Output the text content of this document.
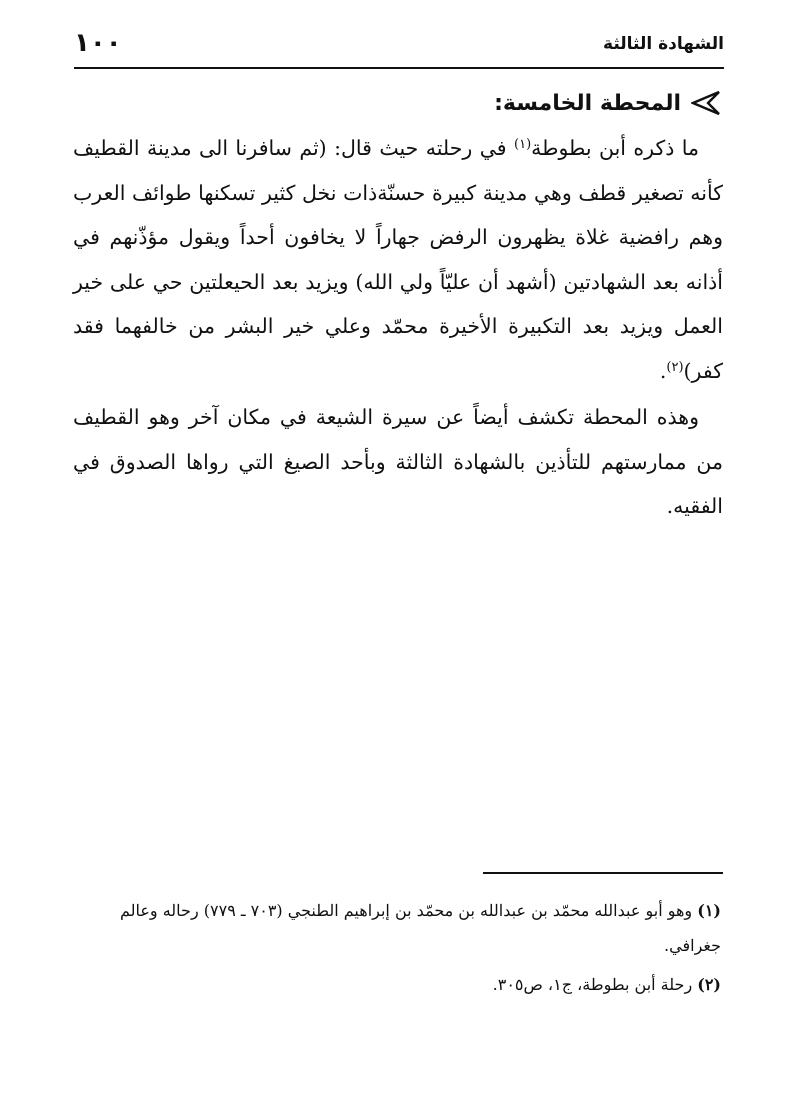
الشهادة الثالثة
١٠٠
المحطة الخامسة:

ما ذكره أبن بطوطة$^{(١)}$ في رحلته حيث قال: (ثم سافرنا الى مدينة القطيف كأنه تصغير قطف وهي مدينة كبيرة حسنّةذات نخل كثير تسكنها طوائف العرب وهم رافضية غلاة يظهرون الرفض جهاراً لا يخافون أحداً ويقول مؤذّنهم في أذانه بعد الشهادتين (أشهد أن عليّاً ولي الله) ويزيد بعد الحيعلتين حي على خير العمل ويزيد بعد التكبيرة الأخيرة محمّد وعلي خير البشر من خالفهما فقد كفر)$^{(٢)}$.

وهذه المحطة تكشف أيضاً عن سيرة الشيعة في مكان آخر وهو القطيف من ممارستهم للتأذين بالشهادة الثالثة وبأحد الصيغ التي رواها الصدوق في الفقيه.

(١) وهو أبو عبدالله محمّد بن عبدالله بن محمّد بن إبراهيم الطنجي (٧٠٣ ـ ٧٧٩) رحاله وعالم جغرافي.

(٢) رحلة أبن بطوطة، ج١، ص٣٠٥.
